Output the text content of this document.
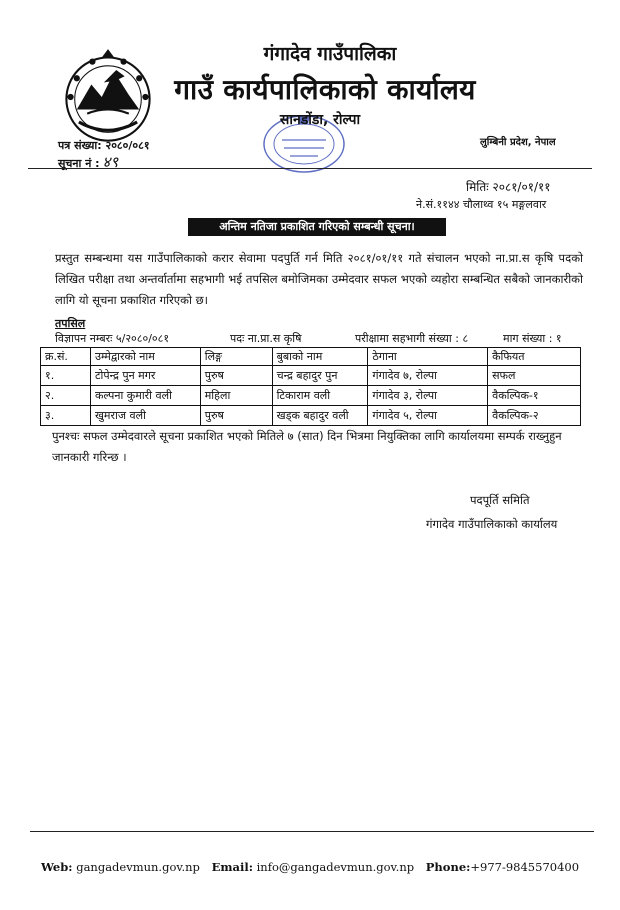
गंगादेव गाउँपालिका
गाउँ कार्यपालिकाको कार्यालय
सानडोंडा, रोल्पा
पत्र संख्या: २०८०/०८१
सूचना नं : ४९
लुम्बिनी प्रदेश, नेपाल
मितिः २०८१/०१/११
ने.सं.११४४ चौलाथ्व १५ मङ्गलवार
अन्तिम नतिजा प्रकाशित गरिएको सम्बन्धी सूचना।
प्रस्तुत सम्बन्धमा यस गाउँपालिकाको करार सेवामा पदपुर्ति गर्न मिति २०८१/०१/११ गते संचालन भएको ना.प्रा.स कृषि पदको लिखित परीक्षा तथा अन्तर्वार्तामा सहभागी भई तपसिल बमोजिमका उम्मेदवार सफल भएको व्यहोरा सम्बन्धित सबैको जानकारीको लागि यो सूचना प्रकाशित गरिएको छ।
तपसिल
विज्ञापन नम्बरः ५/२०८०/०८१	पदः ना.प्रा.स कृषि	परीक्षामा सहभागी संख्या : ८	माग संख्या : १
क्र.सं.	उम्मेद्वारको नाम	लिङ्ग	बुबाको नाम	ठेगाना	कैफियत
१.	टोपेन्द्र पुन मगर	पुरुष	चन्द्र बहादुर पुन	गंगादेव ७, रोल्पा	सफल
२.	कल्पना कुमारी वली	महिला	टिकाराम वली	गंगादेव ३, रोल्पा	वैकल्पिक-१
३.	खुमराज वली	पुरुष	खड्क बहादुर वली	गंगादेव ५, रोल्पा	वैकल्पिक-२
पुनश्चः सफल उम्मेदवारले सूचना प्रकाशित भएको मितिले ७ (सात) दिन भित्रमा नियुक्तिका लागि कार्यालयमा सम्पर्क राख्नुहुन जानकारी गरिन्छ ।
पदपूर्ति समिति
गंगादेव गाउँपालिकाको कार्यालय
Web: gangadevmun.gov.np Email: info@gangadevmun.gov.np Phone:+977-9845570400
